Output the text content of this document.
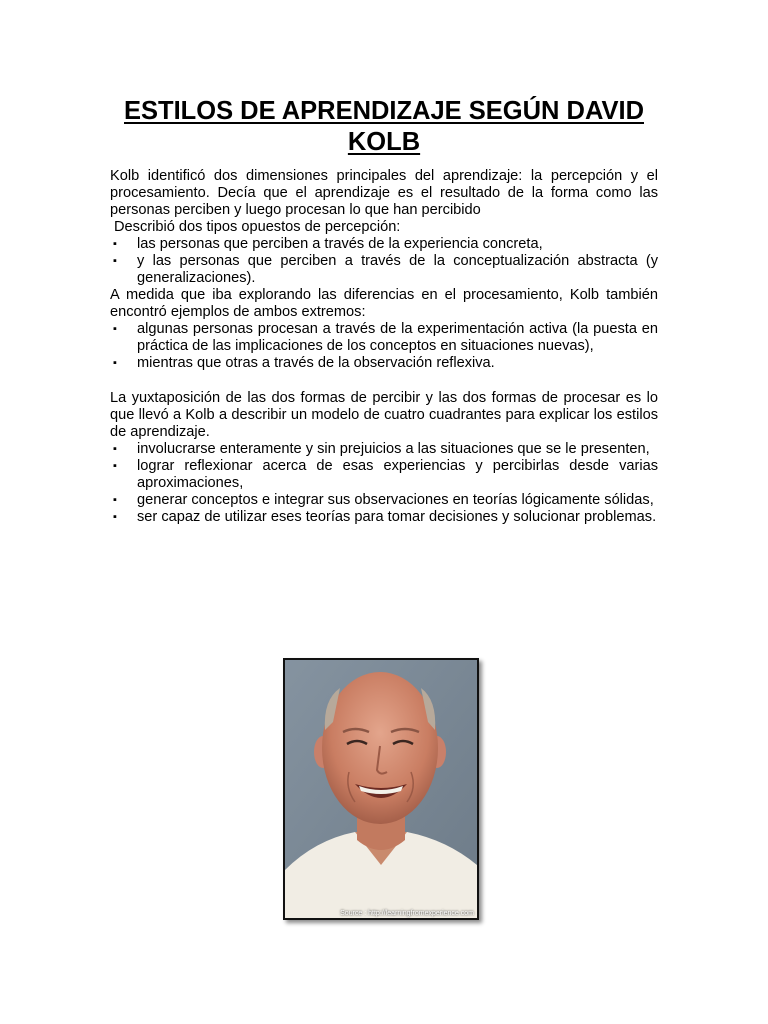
ESTILOS DE APRENDIZAJE SEGÚN DAVID KOLB

Kolb identificó dos dimensiones principales del aprendizaje: la percepción y el procesamiento. Decía que el aprendizaje es el resultado de la forma como las personas perciben y luego procesan lo que han percibido

Describió dos tipos opuestos de percepción:

▪ las personas que perciben a través de la experiencia concreta,
▪ y las personas que perciben a través de la conceptualización abstracta (y generalizaciones).

A medida que iba explorando las diferencias en el procesamiento, Kolb también encontró ejemplos de ambos extremos:

▪ algunas personas procesan a través de la experimentación activa (la puesta en práctica de las implicaciones de los conceptos en situaciones nuevas),
▪ mientras que otras a través de la observación reflexiva.

La yuxtaposición de las dos formas de percibir y las dos formas de procesar es lo que llevó a Kolb a describir un modelo de cuatro cuadrantes para explicar los estilos de aprendizaje.

▪ involucrarse enteramente y sin prejuicios a las situaciones que se le presenten,
▪ lograr reflexionar acerca de esas experiencias y percibirlas desde varias aproximaciones,
▪ generar conceptos e integrar sus observaciones en teorías lógicamente sólidas,
▪ ser capaz de utilizar eses teorías para tomar decisiones y solucionar problemas.
Source : http://learningfromexperience.com
